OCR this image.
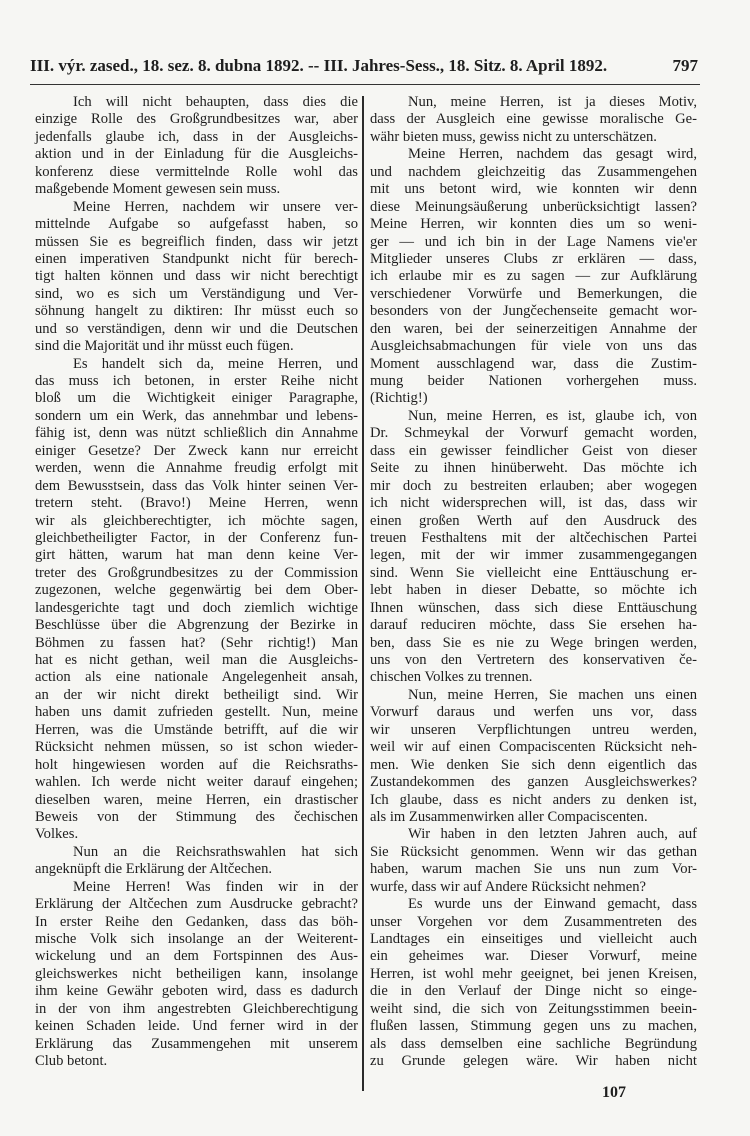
III. výr. zased., 18. sez. 8. dubna 1892. -- III. Jahres-Sess., 18. Sitz. 8. April 1892.	797
Ich will nicht behaupten, dass dies die
einzige Rolle des Großgrundbesitzes war, aber
jedenfalls glaube ich, dass in der Ausgleichs-
aktion und in der Einladung für die Ausgleichs-
konferenz diese vermittelnde Rolle wohl das
maßgebende Moment gewesen sein muss.
Meine Herren, nachdem wir unsere ver-
mittelnde Aufgabe so aufgefasst haben, so
müssen Sie es begreiflich finden, dass wir jetzt
einen imperativen Standpunkt nicht für berech-
tigt halten können und dass wir nicht berechtigt
sind, wo es sich um Verständigung und Ver-
söhnung hangelt zu diktiren: Ihr müsst euch so
und so verständigen, denn wir und die Deutschen
sind die Majorität und ihr müsst euch fügen.
Es handelt sich da, meine Herren, und
das muss ich betonen, in erster Reihe nicht
bloß um die Wichtigkeit einiger Paragraphe,
sondern um ein Werk, das annehmbar und lebens-
fähig ist, denn was nützt schließlich din Annahme
einiger Gesetze? Der Zweck kann nur erreicht
werden, wenn die Annahme freudig erfolgt mit
dem Bewusstsein, dass das Volk hinter seinen Ver-
tretern steht. (Bravo!) Meine Herren, wenn
wir als gleichberechtigter, ich möchte sagen,
gleichbetheiligter Factor, in der Conferenz fun-
girt hätten, warum hat man denn keine Ver-
treter des Großgrundbesitzes zu der Commission
zugezonen, welche gegenwärtig bei dem Ober-
landesgerichte tagt und doch ziemlich wichtige
Beschlüsse über die Abgrenzung der Bezirke in
Böhmen zu fassen hat? (Sehr richtig!) Man
hat es nicht gethan, weil man die Ausgleichs-
action als eine nationale Angelegenheit ansah,
an der wir nicht direkt betheiligt sind. Wir
haben uns damit zufrieden gestellt. Nun, meine
Herren, was die Umstände betrifft, auf die wir
Rücksicht nehmen müssen, so ist schon wieder-
holt hingewiesen worden auf die Reichsraths-
wahlen. Ich werde nicht weiter darauf eingehen;
dieselben waren, meine Herren, ein drastischer
Beweis von der Stimmung des čechischen
Volkes.
Nun an die Reichsrathswahlen hat sich
angeknüpft die Erklärung der Altčechen.
Meine Herren! Was finden wir in der
Erklärung der Altčechen zum Ausdrucke gebracht?
In erster Reihe den Gedanken, dass das böh-
mische Volk sich insolange an der Weiterent-
wickelung und an dem Fortspinnen des Aus-
gleichswerkes nicht betheiligen kann, insolange
ihm keine Gewähr geboten wird, dass es dadurch
in der von ihm angestrebten Gleichberechtigung
keinen Schaden leide. Und ferner wird in der
Erklärung das Zusammengehen mit unserem
Club betont.
Nun, meine Herren, ist ja dieses Motiv,
dass der Ausgleich eine gewisse moralische Ge-
währ bieten muss, gewiss nicht zu unterschätzen.
Meine Herren, nachdem das gesagt wird,
und nachdem gleichzeitig das Zusammengehen
mit uns betont wird, wie konnten wir denn
diese Meinungsäußerung unberücksichtigt lassen?
Meine Herren, wir konnten dies um so weni-
ger — und ich bin in der Lage Namens vie'er
Mitglieder unseres Clubs zr erklären — dass,
ich erlaube mir es zu sagen — zur Aufklärung
verschiedener Vorwürfe und Bemerkungen, die
besonders von der Jungčechenseite gemacht wor-
den waren, bei der seinerzeitigen Annahme der
Ausgleichsabmachungen für viele von uns das
Moment ausschlagend war, dass die Zustim-
mung beider Nationen vorhergehen muss.
(Richtig!)
Nun, meine Herren, es ist, glaube ich, von
Dr. Schmeykal der Vorwurf gemacht worden,
dass ein gewisser feindlicher Geist von dieser
Seite zu ihnen hinüberweht. Das möchte ich
mir doch zu bestreiten erlauben; aber wogegen
ich nicht widersprechen will, ist das, dass wir
einen großen Werth auf den Ausdruck des
treuen Festhaltens mit der altčechischen Partei
legen, mit der wir immer zusammengegangen
sind. Wenn Sie vielleicht eine Enttäuschung er-
lebt haben in dieser Debatte, so möchte ich
Ihnen wünschen, dass sich diese Enttäuschung
darauf reduciren möchte, dass Sie ersehen ha-
ben, dass Sie es nie zu Wege bringen werden,
uns von den Vertretern des konservativen če-
chischen Volkes zu trennen.
Nun, meine Herren, Sie machen uns einen
Vorwurf daraus und werfen uns vor, dass
wir unseren Verpflichtungen untreu werden,
weil wir auf einen Compaciscenten Rücksicht neh-
men. Wie denken Sie sich denn eigentlich das
Zustandekommen des ganzen Ausgleichswerkes?
Ich glaube, dass es nicht anders zu denken ist,
als im Zusammenwirken aller Compaciscenten.
Wir haben in den letzten Jahren auch, auf
Sie Rücksicht genommen. Wenn wir das gethan
haben, warum machen Sie uns nun zum Vor-
wurfe, dass wir auf Andere Rücksicht nehmen?
Es wurde uns der Einwand gemacht, dass
unser Vorgehen vor dem Zusammentreten des
Landtages ein einseitiges und vielleicht auch
ein geheimes war. Dieser Vorwurf, meine
Herren, ist wohl mehr geeignet, bei jenen Kreisen,
die in den Verlauf der Dinge nicht so einge-
weiht sind, die sich von Zeitungsstimmen beein-
flußen lassen, Stimmung gegen uns zu machen,
als dass demselben eine sachliche Begründung
zu Grunde gelegen wäre. Wir haben nicht
107
